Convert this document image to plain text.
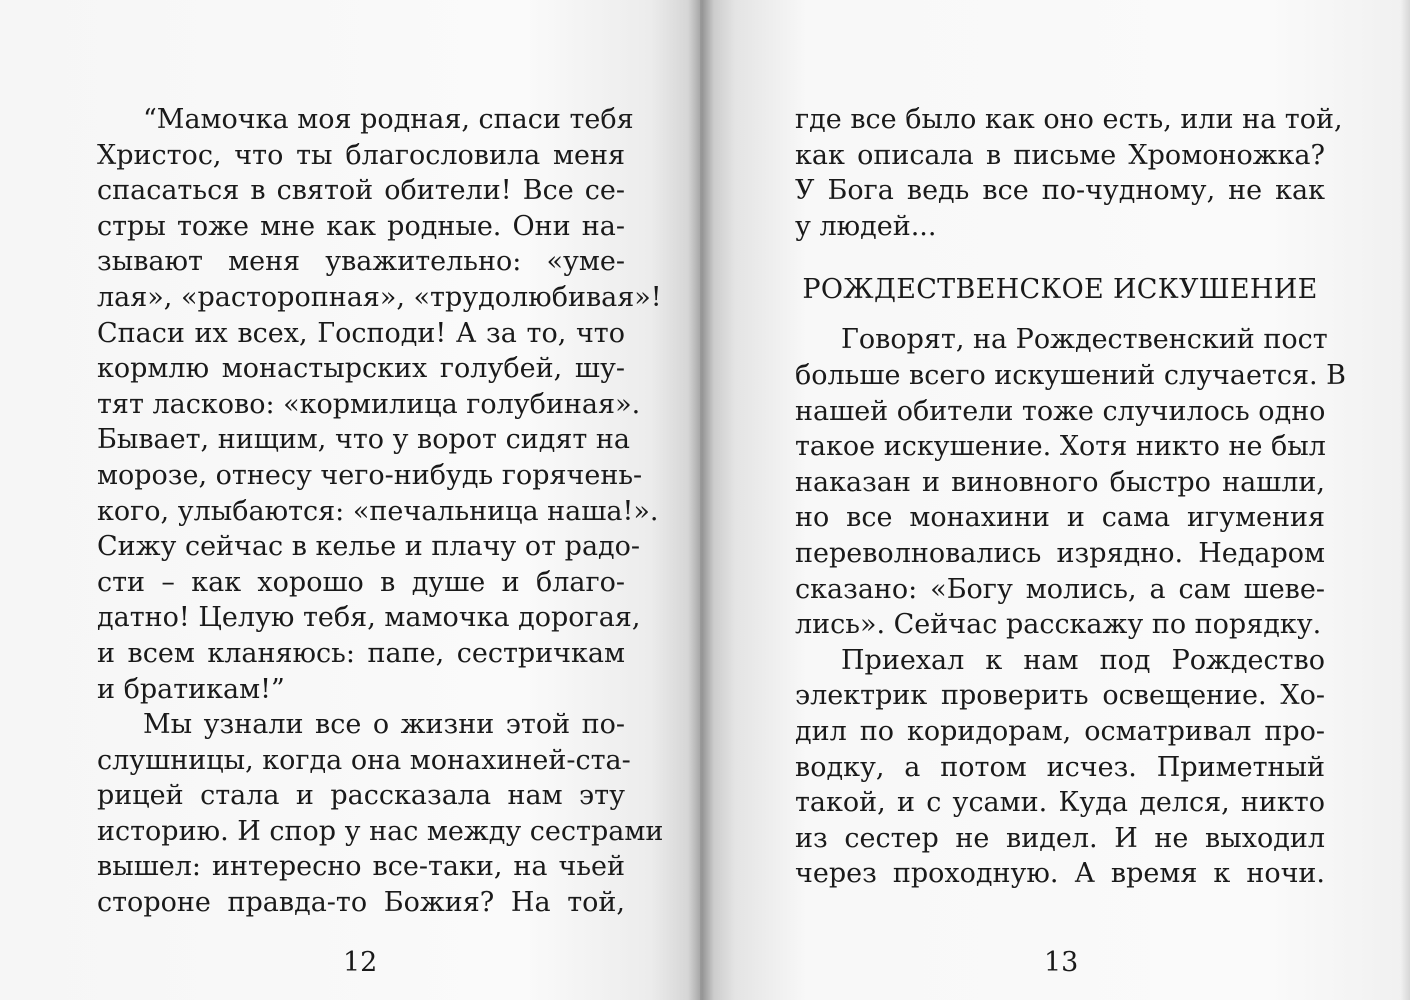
“Мамочка моя родная, спаси тебя
Христос, что ты благословила меня
спасаться в святой обители! Все се-
стры тоже мне как родные. Они на-
зывают меня уважительно: «уме-
лая», «расторопная», «трудолюбивая»!
Спаси их всех, Господи! А за то, что
кормлю монастырских голубей, шу-
тят ласково: «кормилица голубиная».
Бывает, нищим, что у ворот сидят на
морозе, отнесу чего-нибудь горячень-
кого, улыбаются: «печальница наша!».
Сижу сейчас в келье и плачу от радо-
сти – как хорошо в душе и благо-
датно! Целую тебя, мамочка дорогая,
и всем кланяюсь: папе, сестричкам
и братикам!”
Мы узнали все о жизни этой по-
слушницы, когда она монахиней-ста-
рицей стала и рассказала нам эту
историю. И спор у нас между сестрами
вышел: интересно все-таки, на чьей
стороне правда-то Божия? На той,
12
где все было как оно есть, или на той,
как описала в письме Хромоножка?
У Бога ведь все по-чудному, не как
у людей...
РОЖДЕСТВЕНСКОЕ ИСКУШЕНИЕ
Говорят, на Рождественский пост
больше всего искушений случается. В
нашей обители тоже случилось одно
такое искушение. Хотя никто не был
наказан и виновного быстро нашли,
но все монахини и сама игумения
переволновались изрядно. Недаром
сказано: «Богу молись, а сам шеве-
лись». Сейчас расскажу по порядку.
Приехал к нам под Рождество
электрик проверить освещение. Хо-
дил по коридорам, осматривал про-
водку, а потом исчез. Приметный
такой, и с усами. Куда делся, никто
из сестер не видел. И не выходил
через проходную. А время к ночи.
13
